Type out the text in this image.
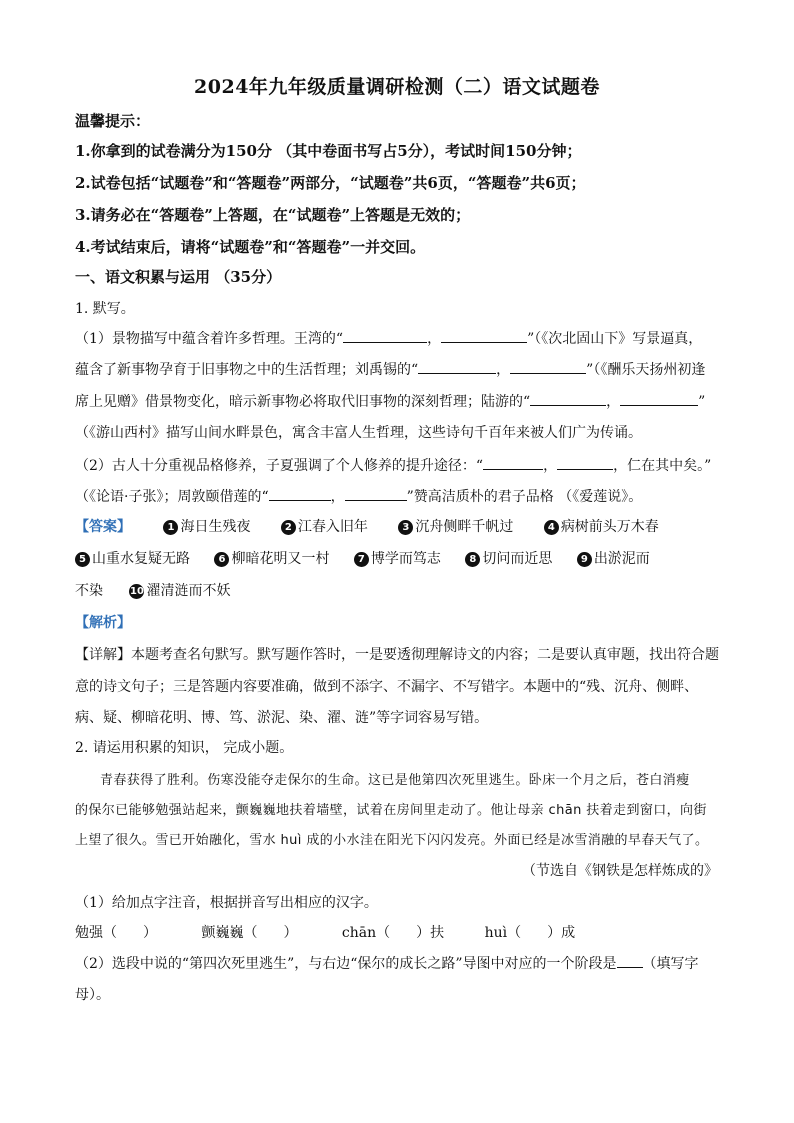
2024年九年级质量调研检测（二）语文试题卷
温馨提示：
1.你拿到的试卷满分为150分 （其中卷面书写占5分），考试时间150分钟；
2.试卷包括“试题卷”和“答题卷”两部分，“试题卷”共6页，“答题卷”共6页；
3.请务必在“答题卷”上答题，在“试题卷”上答题是无效的；
4.考试结束后，请将“试题卷”和“答题卷”一并交回。
一、语文积累与运用 （35分）
1. 默写。
（1）景物描写中蕴含着许多哲理。王湾的“	，	”（《次北固山下》写景逼真，
蕴含了新事物孕育于旧事物之中的生活哲理；刘禹锡的“	，	”（《酬乐天扬州初逢
席上见赠》借景物变化，暗示新事物必将取代旧事物的深刻哲理；陆游的“	，	”
（《游山西村》描写山间水畔景色，寓含丰富人生哲理，这些诗句千百年来被人们广为传诵。
（2）古人十分重视品格修养，子夏强调了个人修养的提升途径：“	，	，仁在其中矣。”
（《论语·子张》；周敦颐借莲的“	，	”赞高洁质朴的君子品格 （《爱莲说》。
【答案】	1 海日生残夜	2 江春入旧年	3 沉舟侧畔千帆过	4 病树前头万木春
5 山重水复疑无路	6 柳暗花明又一村	7 博学而笃志	8 切问而近思	9 出淤泥而
不染	10 濯清涟而不妖
【解析】
【详解】本题考查名句默写。默写题作答时，一是要透彻理解诗文的内容；二是要认真审题，找出符合题
意的诗文句子；三是答题内容要准确，做到不添字、不漏字、不写错字。本题中的“残、沉舟、侧畔、
病、疑、柳暗花明、博、笃、淤泥、染、濯、涟”等字词容易写错。
2. 请运用积累的知识， 完成小题。
青春获得了胜利。伤寒没能夺走保尔的生命。这已是他第四次死里逃生。卧床一个月之后，苍白消瘦
的保尔已能够勉强站起来，颤巍巍地扶着墙壁，试着在房间里走动了。他让母亲 chān 扶着走到窗口，向街
上望了很久。雪已开始融化，雪水 huì 成的小水洼在阳光下闪闪发亮。外面已经是冰雪消融的早春天气了。
（节选自《钢铁是怎样炼成的》
（1）给加点字注音，根据拼音写出相应的汉字。
勉强（ ）	颤巍巍（ ）	chān（ ）扶	huì（ ）成
（2）选段中说的“第四次死里逃生”，与右边“保尔的成长之路”导图中对应的一个阶段是 （填写字
母）。
